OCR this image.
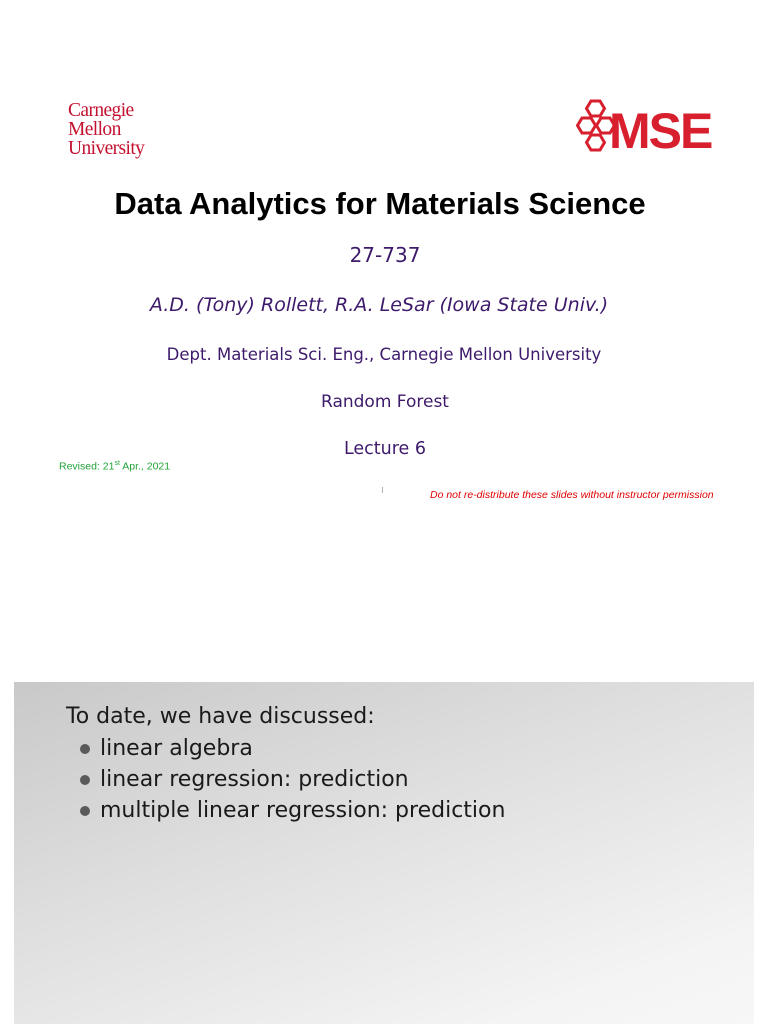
Carnegie
Mellon
University	MSE
Data Analytics for Materials Science
27-737
A.D. (Tony) Rollett, R.A. LeSar (Iowa State Univ.)
Dept. Materials Sci. Eng., Carnegie Mellon University
Random Forest
Lecture 6
Revised: 21st Apr., 2021
Do not re-distribute these slides without instructor permission
To date, we have discussed:
linear algebra
linear regression: prediction
multiple linear regression: prediction
